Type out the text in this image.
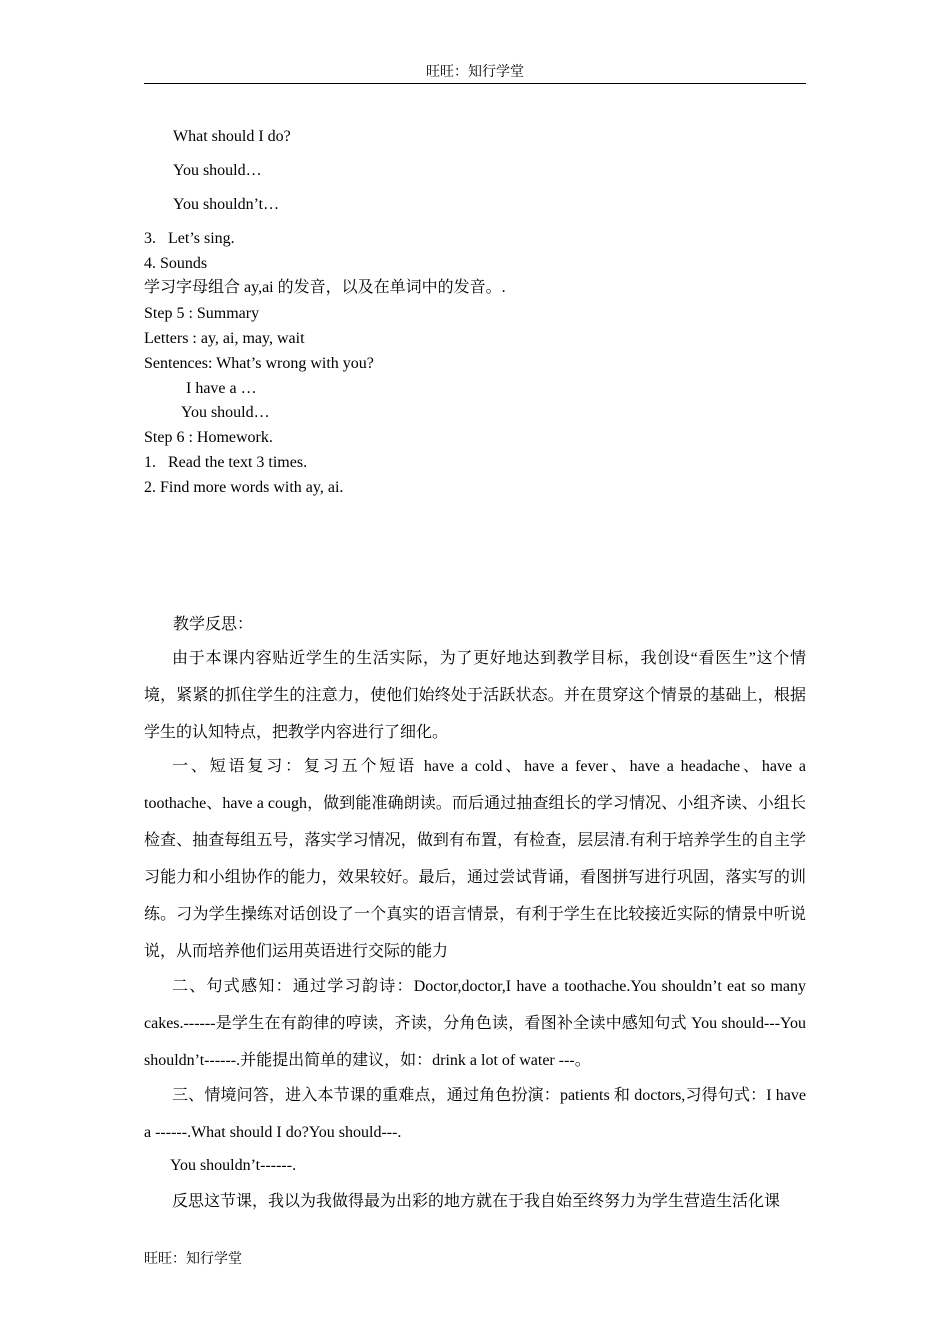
旺旺：知行学堂
What should I do?
You should…
You shouldn’t…
3.   Let’s sing.
4. Sounds
学习字母组合 ay,ai 的发音，以及在单词中的发音。.
Step 5 : Summary
Letters : ay, ai, may, wait
Sentences: What’s wrong with you?
I have a …
You should…
Step 6 : Homework.
1.   Read the text 3 times.
2. Find more words with ay, ai.
教学反思：
由于本课内容贴近学生的生活实际，为了更好地达到教学目标，我创设“看医生”这个情境，紧紧的抓住学生的注意力，使他们始终处于活跃状态。并在贯穿这个情景的基础上，根据学生的认知特点，把教学内容进行了细化。
一、短语复习：复习五个短语 have a cold、have a fever、have a headache、have a toothache、have a cough，做到能准确朗读。而后通过抽查组长的学习情况、小组齐读、小组长检查、抽查每组五号，落实学习情况，做到有布置，有检查，层层清.有利于培养学生的自主学习能力和小组协作的能力，效果较好。最后，通过尝试背诵，看图拼写进行巩固，落实写的训练。刁为学生操练对话创设了一个真实的语言情景，有利于学生在比较接近实际的情景中听说说，从而培养他们运用英语进行交际的能力
二、句式感知：通过学习韵诗：Doctor,doctor,I have a toothache.You shouldn’t eat so many cakes.------是学生在有韵律的哼读，齐读，分角色读，看图补全读中感知句式 You should---You shouldn’t------.并能提出简单的建议，如：drink a lot of water ---。
三、情境问答，进入本节课的重难点，通过角色扮演：patients 和 doctors,习得句式：I have a ------.What should I do?You should---.
You shouldn’t------.
反思这节课，我以为我做得最为出彩的地方就在于我自始至终努力为学生营造生活化课
旺旺：知行学堂
